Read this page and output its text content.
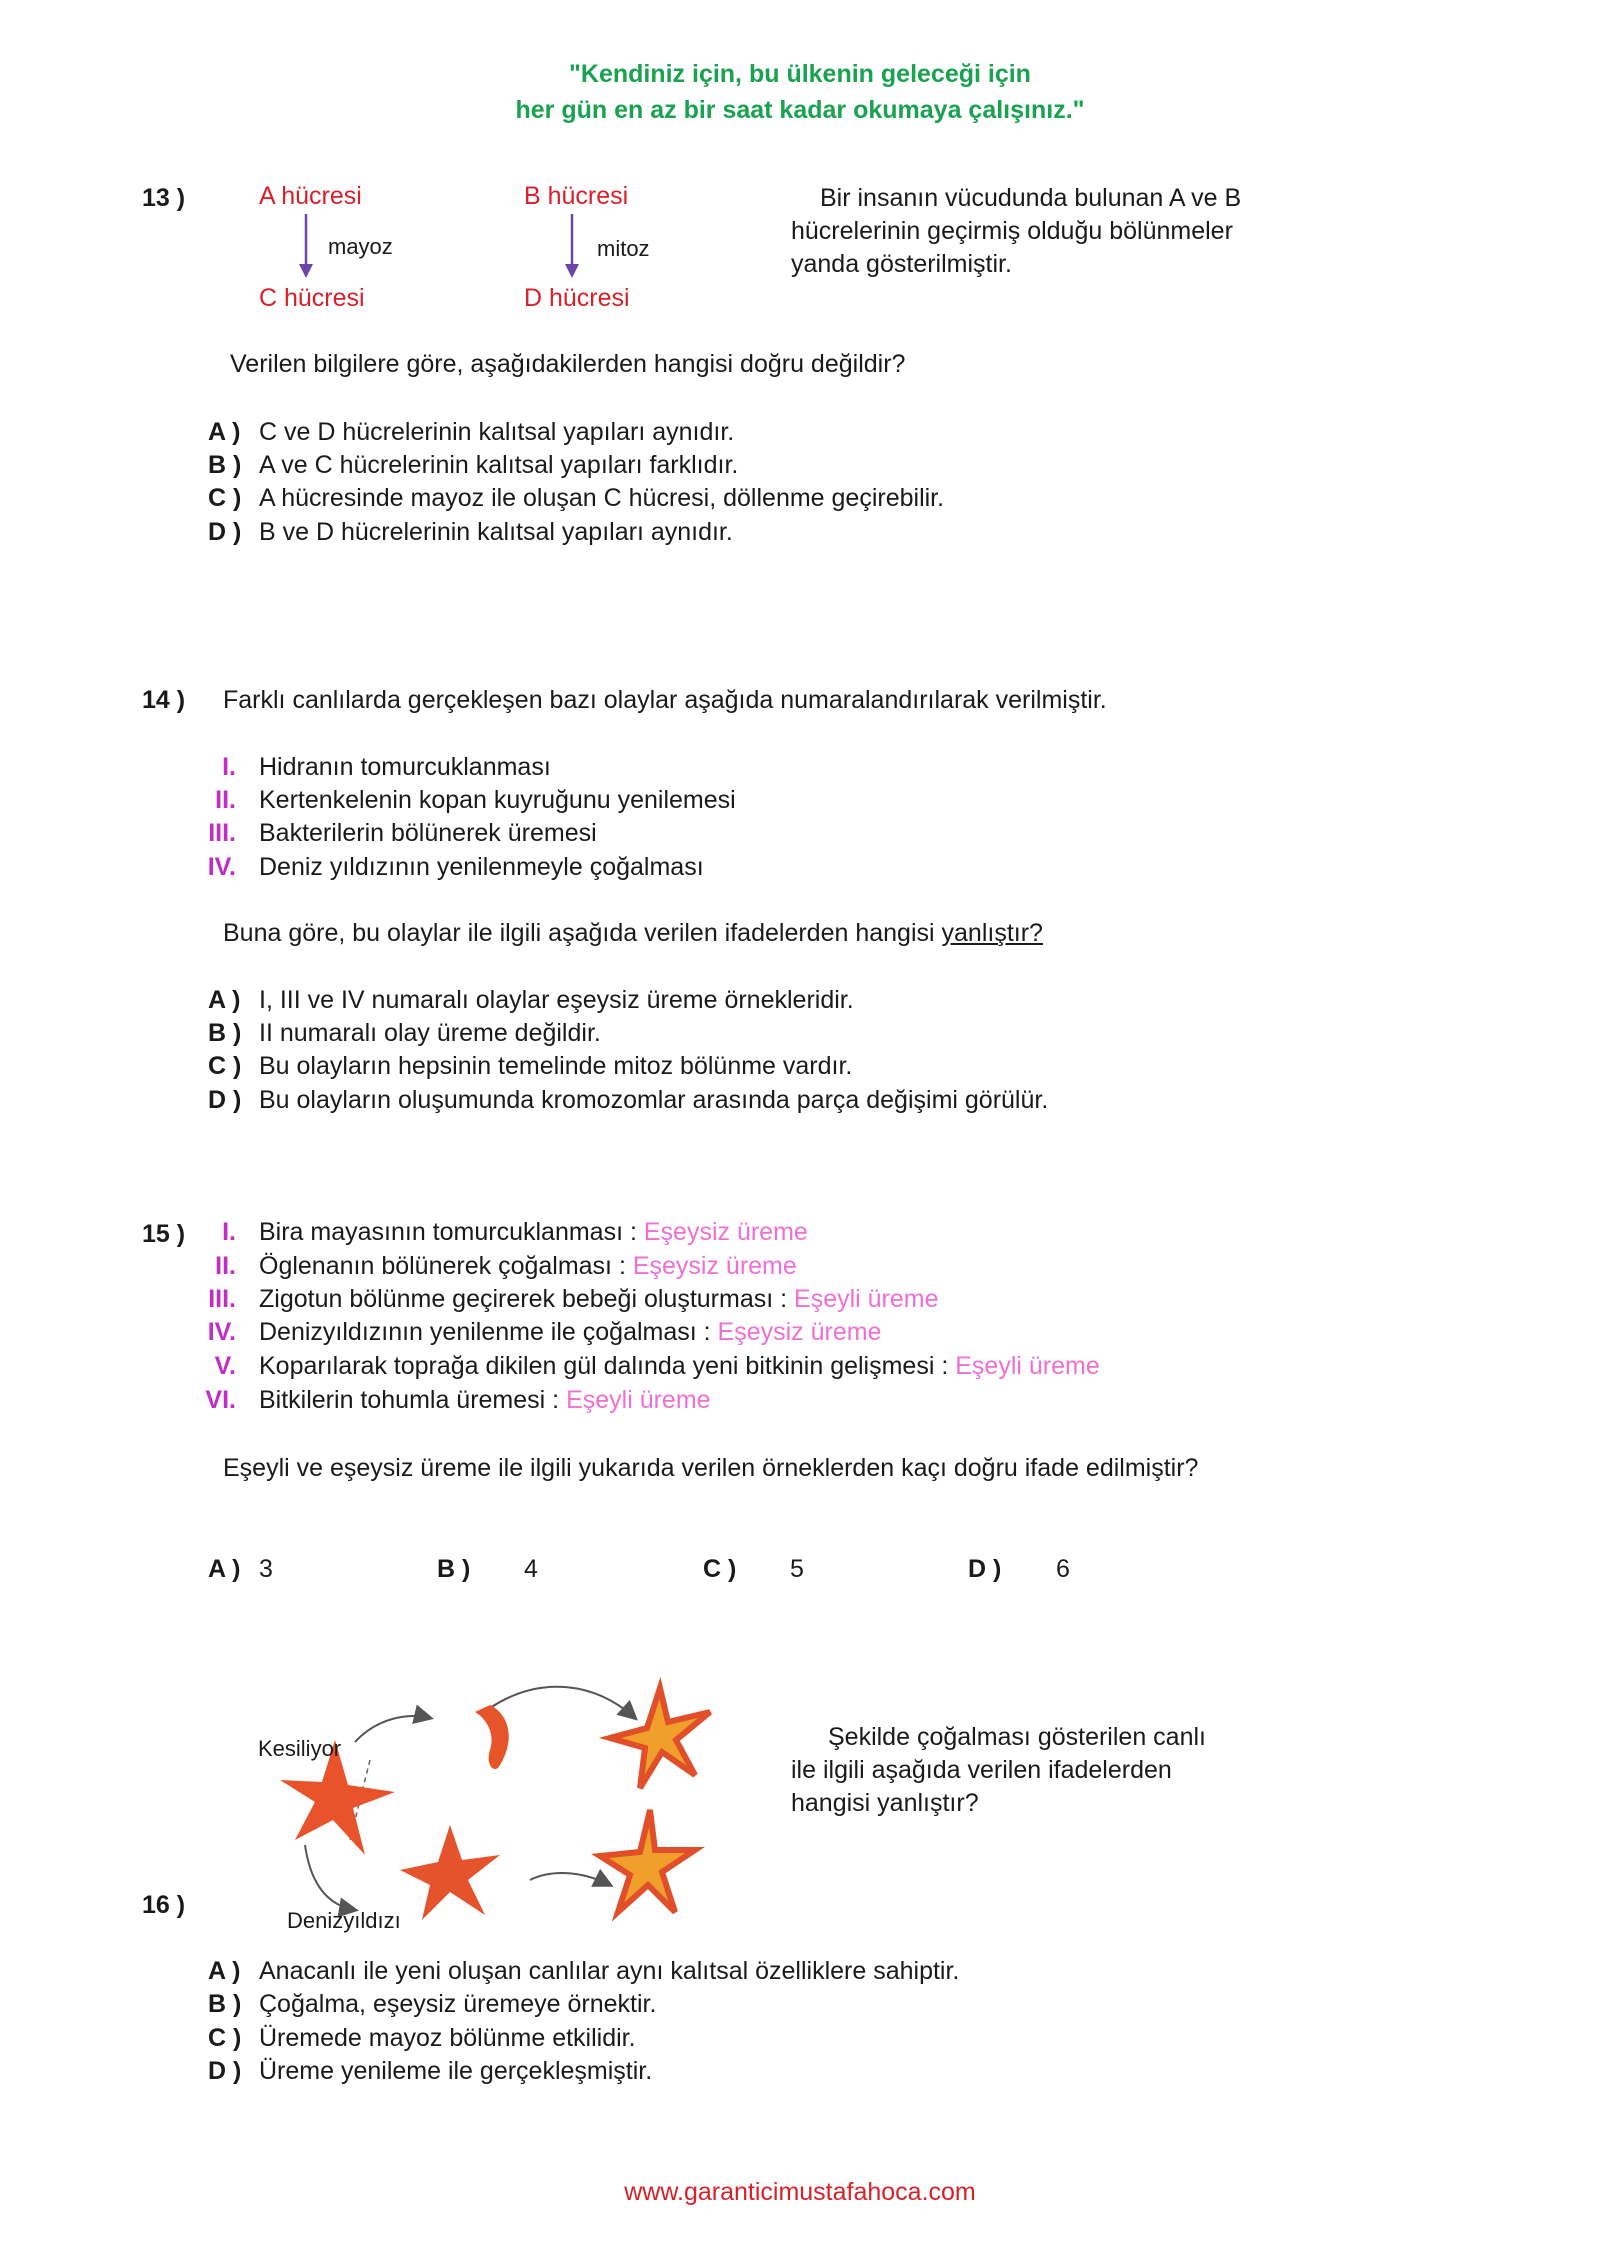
"Kendiniz için, bu ülkenin geleceği için
her gün en az bir saat kadar okumaya çalışınız."
13 )	A hücresi	B hücresi
mayoz	mitoz
C hücresi	D hücresi
Bir insanın vücudunda bulunan A ve B
hücrelerinin geçirmiş olduğu bölünmeler
yanda gösterilmiştir.
Verilen bilgilere göre, aşağıdakilerden hangisi doğru değildir?
A ) C ve D hücrelerinin kalıtsal yapıları aynıdır.
B ) A ve C hücrelerinin kalıtsal yapıları farklıdır.
C ) A hücresinde mayoz ile oluşan C hücresi, döllenme geçirebilir.
D ) B ve D hücrelerinin kalıtsal yapıları aynıdır.
14 ) Farklı canlılarda gerçekleşen bazı olaylar aşağıda numaralandırılarak verilmiştir.
I. Hidranın tomurcuklanması
II. Kertenkelenin kopan kuyruğunu yenilemesi
III. Bakterilerin bölünerek üremesi
IV. Deniz yıldızının yenilenmeyle çoğalması
Buna göre, bu olaylar ile ilgili aşağıda verilen ifadelerden hangisi yanlıştır?
A ) I, III ve IV numaralı olaylar eşeysiz üreme örnekleridir.
B ) II numaralı olay üreme değildir.
C ) Bu olayların hepsinin temelinde mitoz bölünme vardır.
D ) Bu olayların oluşumunda kromozomlar arasında parça değişimi görülür.
15 )	I. Bira mayasının tomurcuklanması : Eşeysiz üreme
II. Öglenanın bölünerek çoğalması : Eşeysiz üreme
III. Zigotun bölünme geçirerek bebeği oluşturması : Eşeyli üreme
IV. Denizyıldızının yenilenme ile çoğalması : Eşeysiz üreme
V. Koparılarak toprağa dikilen gül dalında yeni bitkinin gelişmesi : Eşeyli üreme
VI. Bitkilerin tohumla üremesi : Eşeyli üreme
Eşeyli ve eşeysiz üreme ile ilgili yukarıda verilen örneklerden kaçı doğru ifade edilmiştir?
A ) 3	B ) 4	C ) 5	D ) 6
16 )
Kesiliyor
Denizyıldızı
Şekilde çoğalması gösterilen canlı
ile ilgili aşağıda verilen ifadelerden
hangisi yanlıştır?
A ) Anacanlı ile yeni oluşan canlılar aynı kalıtsal özelliklere sahiptir.
B ) Çoğalma, eşeysiz üremeye örnektir.
C ) Üremede mayoz bölünme etkilidir.
D ) Üreme yenileme ile gerçekleşmiştir.
www.garanticimustafahoca.com
